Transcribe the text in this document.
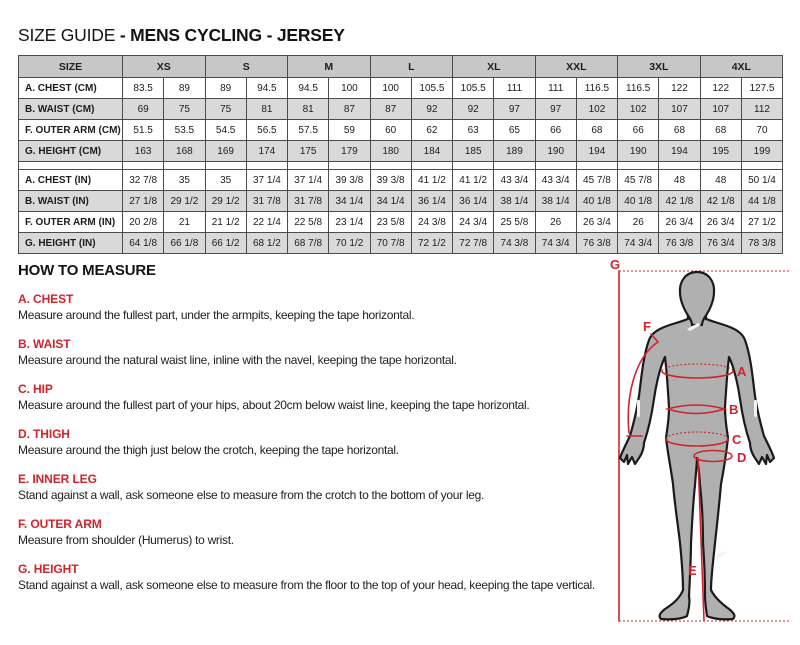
SIZE GUIDE - MENS CYCLING - JERSEY
SIZE	XS		S		M		L		XL		XXL		3XL		4XL	
A. CHEST (CM)	83.5	89	89	94.5	94.5	100	100	105.5	105.5	111	111	116.5	116.5	122	122	127.5
B. WAIST (CM)	69	75	75	81	81	87	87	92	92	97	97	102	102	107	107	112
F. OUTER ARM (CM)	51.5	53.5	54.5	56.5	57.5	59	60	62	63	65	66	68	66	68	68	70
G. HEIGHT (CM)	163	168	169	174	175	179	180	184	185	189	190	194	190	194	195	199

A. CHEST (IN)	32 7/8	35	35	37 1/4	37 1/4	39 3/8	39 3/8	41 1/2	41 1/2	43 3/4	43 3/4	45 7/8	45 7/8	48	48	50 1/4
B. WAIST (IN)	27 1/8	29 1/2	29 1/2	31 7/8	31 7/8	34 1/4	34 1/4	36 1/4	36 1/4	38 1/4	38 1/4	40 1/8	40 1/8	42 1/8	42 1/8	44 1/8
F. OUTER ARM (IN)	20 2/8	21	21 1/2	22 1/4	22 5/8	23 1/4	23 5/8	24 3/8	24 3/4	25 5/8	26	26 3/4	26	26 3/4	26 3/4	27 1/2
G. HEIGHT (IN)	64 1/8	66 1/8	66 1/2	68 1/2	68 7/8	70 1/2	70 7/8	72 1/2	72 7/8	74 3/8	74 3/4	76 3/8	74 3/4	76 3/8	76 3/4	78 3/8
HOW TO MEASURE
A. CHEST

Measure around the fullest part, under the armpits, keeping the tape horizontal.

B. WAIST

Measure around the natural waist line, inline with the navel, keeping the tape horizontal.

C. HIP

Measure around the fullest part of your hips, about 20cm below waist line, keeping the tape horizontal.

D. THIGH

Measure around the thigh just below the crotch, keeping the tape horizontal.

E. INNER LEG

Stand against a wall, ask someone else to measure from the crotch to the bottom of your leg.

F. OUTER ARM

Measure from shoulder (Humerus) to wrist.

G. HEIGHT

Stand against a wall, ask someone else to measure from the floor to the top of your head, keeping the tape vertical.

G
F
A
B
C
D
E
